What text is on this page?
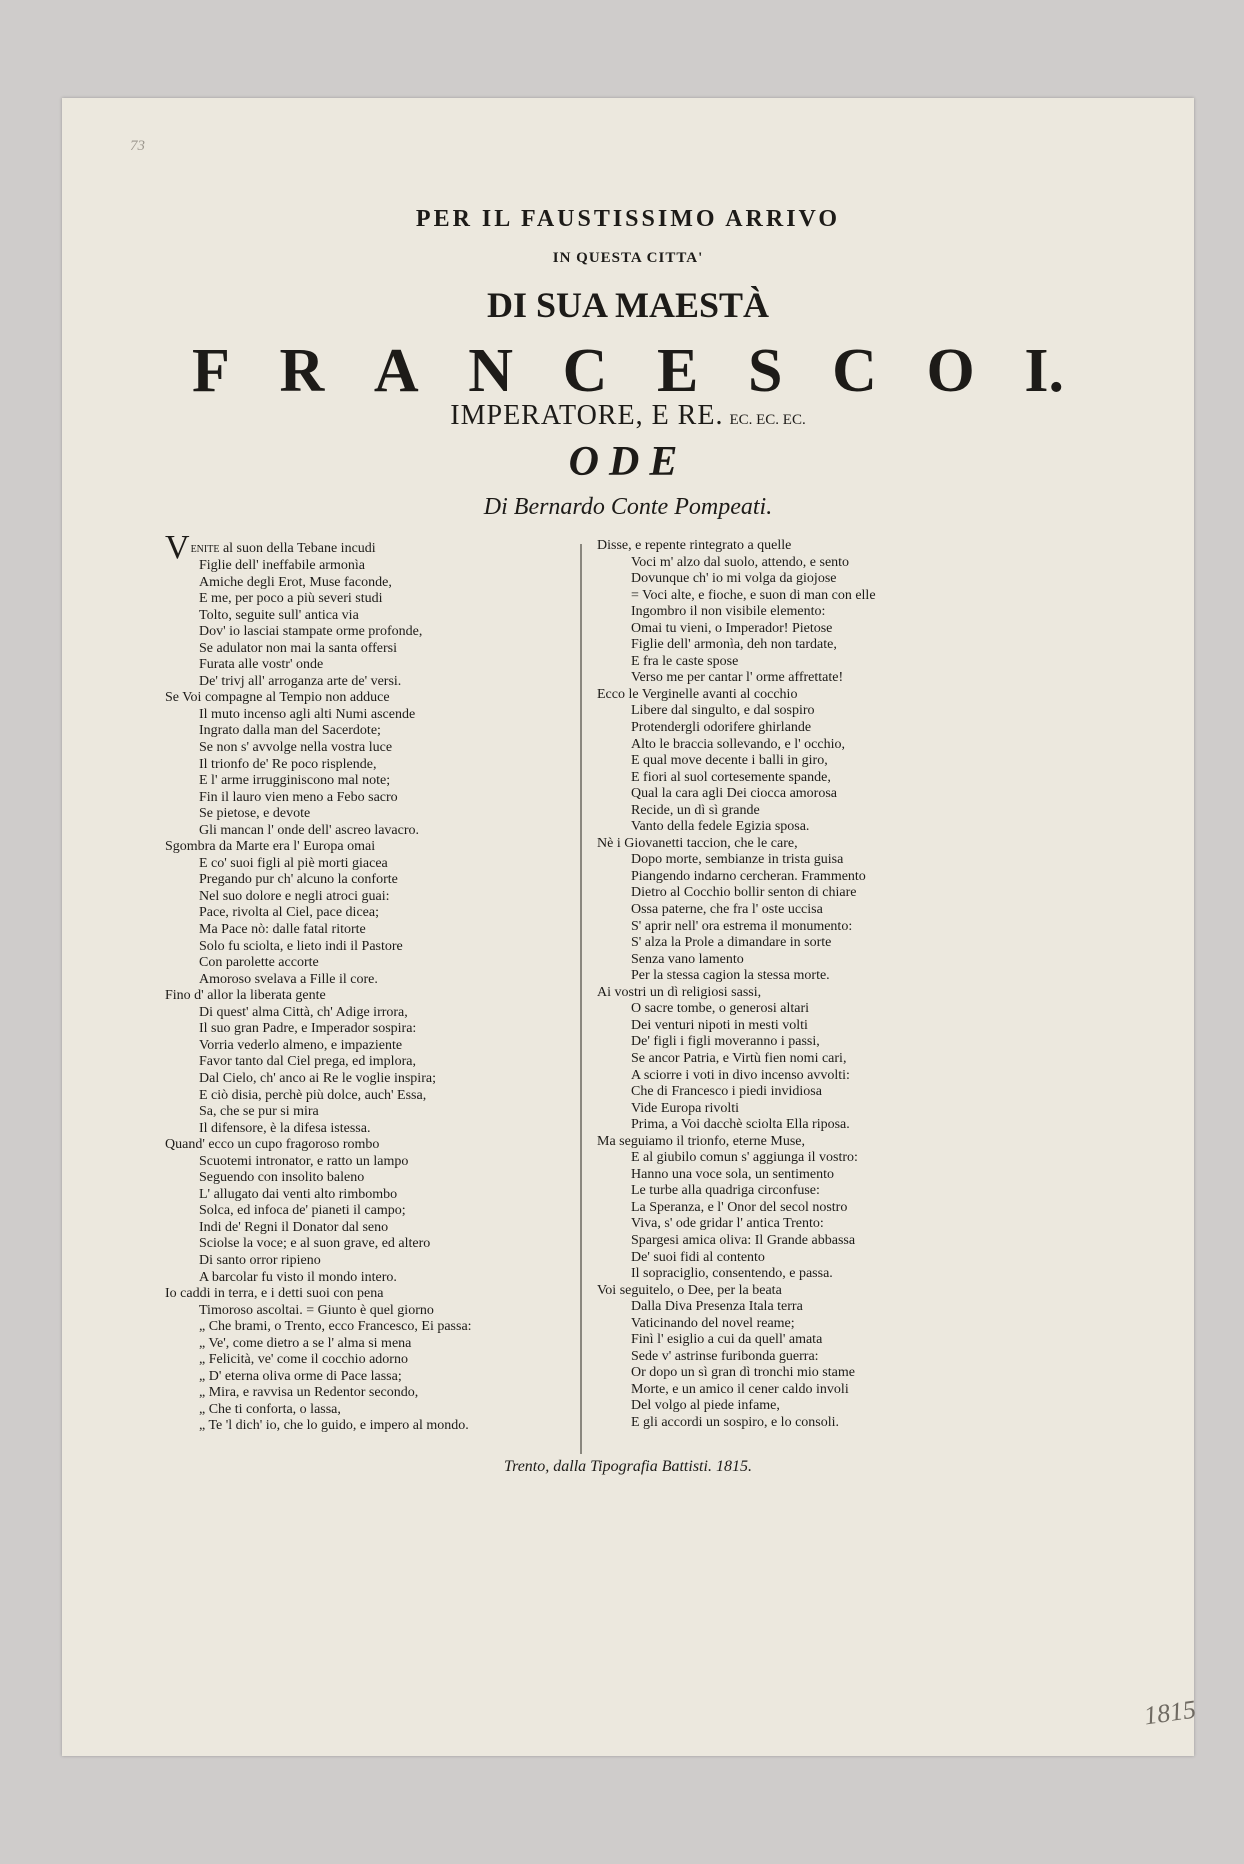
73
PER IL FAUSTISSIMO ARRIVO
IN QUESTA CITTA'
DI SUA MAESTÀ
F R A N C E S C O I.
IMPERATORE, E RE. EC. EC. EC.
ODE
Di Bernardo Conte Pompeati.
Venite al suon della Tebane incudi
Figlie dell' ineffabile armonìa
Amiche degli Erot, Muse faconde,
E me, per poco a più severi studi
Tolto, seguite sull' antica via
Dov' io lasciai stampate orme profonde,
Se adulator non mai la santa offersi
Furata alle vostr' onde
De' trivj all' arroganza arte de' versi.
Se Voi compagne al Tempio non adduce
Il muto incenso agli alti Numi ascende
Ingrato dalla man del Sacerdote;
Se non s' avvolge nella vostra luce
Il trionfo de' Re poco risplende,
E l' arme irrugginiscono mal note;
Fin il lauro vien meno a Febo sacro
Se pietose, e devote
Gli mancan l' onde dell' ascreo lavacro.
Sgombra da Marte era l' Europa omai
E co' suoi figli al piè morti giacea
Pregando pur ch' alcuno la conforte
Nel suo dolore e negli atroci guai:
Pace, rivolta al Ciel, pace dicea;
Ma Pace nò: dalle fatal ritorte
Solo fu sciolta, e lieto indi il Pastore
Con parolette accorte
Amoroso svelava a Fille il core.
Fino d' allor la liberata gente
Di quest' alma Città, ch' Adige irrora,
Il suo gran Padre, e Imperador sospira:
Vorria vederlo almeno, e impaziente
Favor tanto dal Ciel prega, ed implora,
Dal Cielo, ch' anco ai Re le voglie inspira;
E ciò disia, perchè più dolce, auch' Essa,
Sa, che se pur si mira
Il difensore, è la difesa istessa.
Quand' ecco un cupo fragoroso rombo
Scuotemi intronator, e ratto un lampo
Seguendo con insolito baleno
L' allugato dai venti alto rimbombo
Solca, ed infoca de' pianeti il campo;
Indi de' Regni il Donator dal seno
Sciolse la voce; e al suon grave, ed altero
Di santo orror ripieno
A barcolar fu visto il mondo intero.
Io caddi in terra, e i detti suoi con pena
Timoroso ascoltai. = Giunto è quel giorno
„ Che brami, o Trento, ecco Francesco, Ei passa:
„ Ve', come dietro a se l' alma si mena
„ Felicità, ve' come il cocchio adorno
„ D' eterna oliva orme di Pace lassa;
„ Mira, e ravvisa un Redentor secondo,
„ Che ti conforta, o lassa,
„ Te 'l dich' io, che lo guido, e impero al mondo.
Disse, e repente rintegrato a quelle
Voci m' alzo dal suolo, attendo, e sento
Dovunque ch' io mi volga da giojose
= Voci alte, e fioche, e suon di man con elle
Ingombro il non visibile elemento:
Omai tu vieni, o Imperador! Pietose
Figlie dell' armonìa, deh non tardate,
E fra le caste spose
Verso me per cantar l' orme affrettate!
Ecco le Verginelle avanti al cocchio
Libere dal singulto, e dal sospiro
Protendergli odorifere ghirlande
Alto le braccia sollevando, e l' occhio,
E qual move decente i balli in giro,
E fiori al suol cortesemente spande,
Qual la cara agli Dei ciocca amorosa
Recide, un dì sì grande
Vanto della fedele Egizia sposa.
Nè i Giovanetti taccion, che le care,
Dopo morte, sembianze in trista guisa
Piangendo indarno cercheran. Frammento
Dietro al Cocchio bollir senton di chiare
Ossa paterne, che fra l' oste uccisa
S' aprir nell' ora estrema il monumento:
S' alza la Prole a dimandare in sorte
Senza vano lamento
Per la stessa cagion la stessa morte.
Ai vostri un dì religiosi sassi,
O sacre tombe, o generosi altari
Dei venturi nipoti in mesti volti
De' figli i figli moveranno i passi,
Se ancor Patria, e Virtù fien nomi cari,
A sciorre i voti in divo incenso avvolti:
Che di Francesco i piedi invidiosa
Vide Europa rivolti
Prima, a Voi dacchè sciolta Ella riposa.
Ma seguiamo il trionfo, eterne Muse,
E al giubilo comun s' aggiunga il vostro:
Hanno una voce sola, un sentimento
Le turbe alla quadriga circonfuse:
La Speranza, e l' Onor del secol nostro
Viva, s' ode gridar l' antica Trento:
Spargesi amica oliva: Il Grande abbassa
De' suoi fidi al contento
Il sopraciglio, consentendo, e passa.
Voi seguitelo, o Dee, per la beata
Dalla Diva Presenza Itala terra
Vaticinando del novel reame;
Finì l' esiglio a cui da quell' amata
Sede v' astrinse furibonda guerra:
Or dopo un sì gran dì tronchi mio stame
Morte, e un amico il cener caldo involi
Del volgo al piede infame,
E gli accordi un sospiro, e lo consoli.
Trento, dalla Tipografia Battisti. 1815.
1815
